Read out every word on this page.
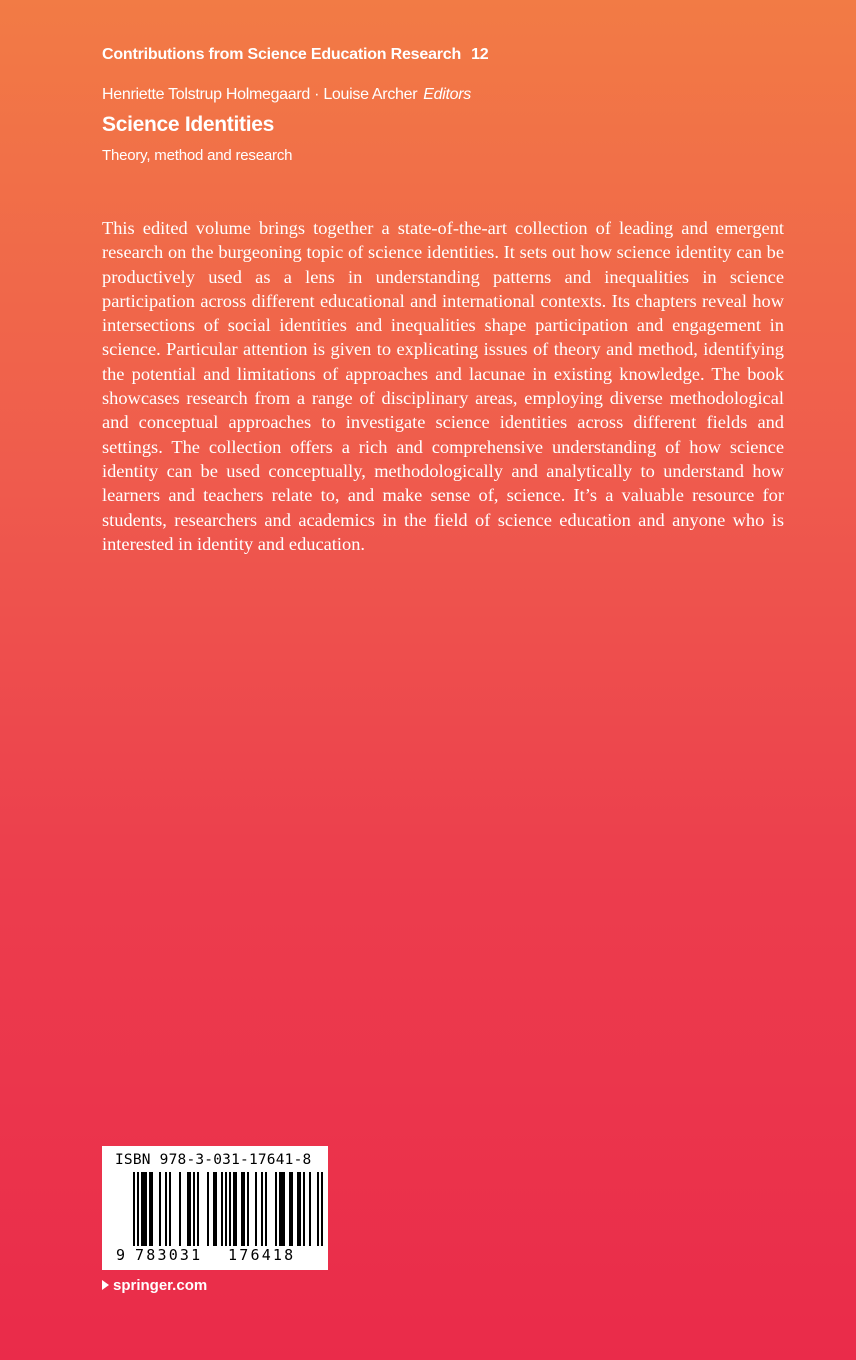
Contributions from Science Education Research 12
Henriette Tolstrup Holmegaard · Louise Archer Editors
Science Identities
Theory, method and research

This edited volume brings together a state-of-the-art collection of leading and emergent research on the burgeoning topic of science identities. It sets out how science identity can be productively used as a lens in understanding patterns and inequalities in science participation across different educational and international contexts. Its chapters reveal how intersections of social identities and inequalities shape participation and engagement in science. Particular attention is given to explicating issues of theory and method, identifying the potential and limitations of approaches and lacunae in existing knowledge. The book showcases research from a range of disciplinary areas, employing diverse methodological and conceptual approaches to investigate science identities across different fields and settings. The collection offers a rich and comprehensive understanding of how science identity can be used conceptually, methodologically and analytically to understand how learners and teachers relate to, and make sense of, science. It’s a valuable resource for students, researchers and academics in the field of science education and anyone who is interested in identity and education.

ISBN 978-3-031-17641-8
9 783031 176418
springer.com
